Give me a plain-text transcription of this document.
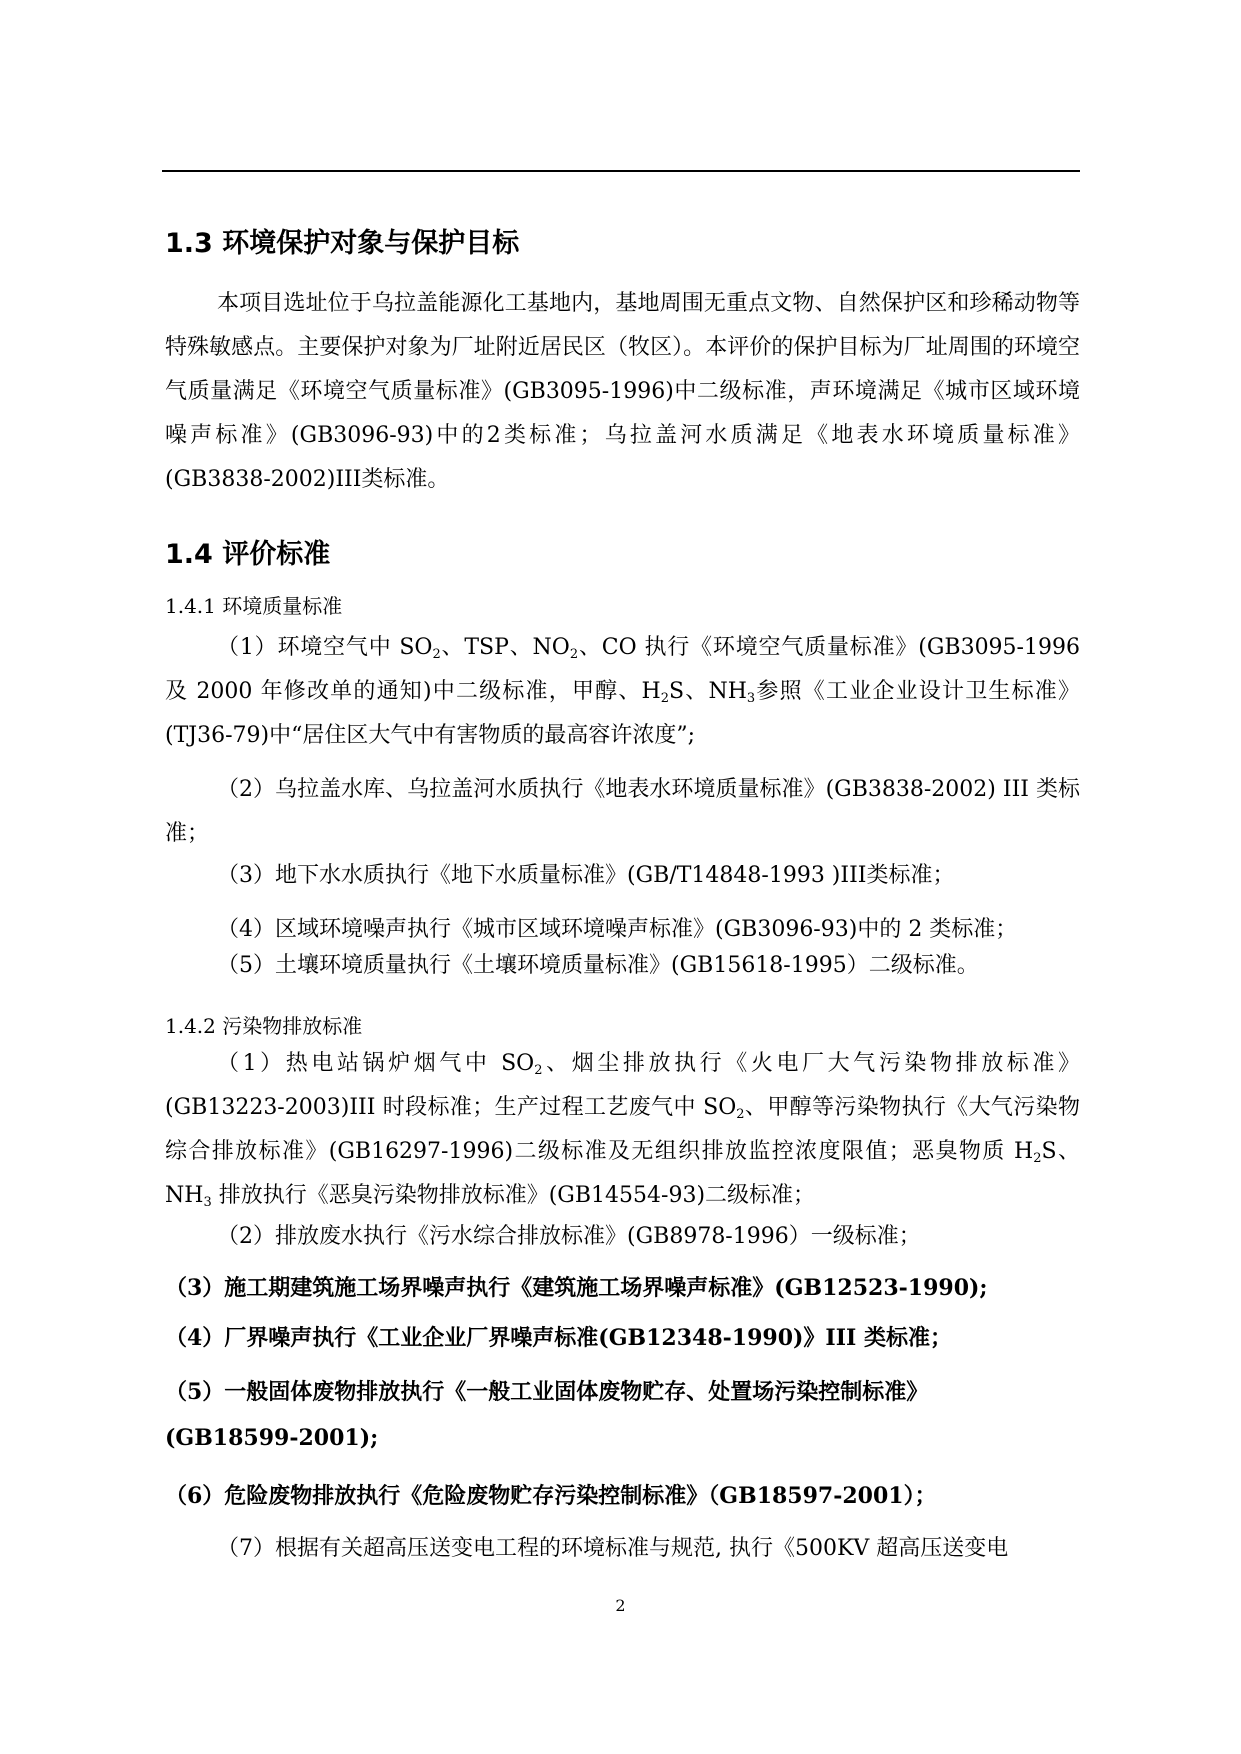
1.3 环境保护对象与保护目标

本项目选址位于乌拉盖能源化工基地内，基地周围无重点文物、自然保护区和珍稀动物等特殊敏感点。主要保护对象为厂址附近居民区（牧区）。本评价的保护目标为厂址周围的环境空气质量满足《环境空气质量标准》(GB3095-1996)中二级标准，声环境满足《城市区域环境噪声标准》(GB3096-93)中的2类标准；乌拉盖河水质满足《地表水环境质量标准》(GB3838-2002)III类标准。

1.4 评价标准
1.4.1 环境质量标准

（1）环境空气中 $SO_2$、TSP、$NO_2$、CO 执行《环境空气质量标准》(GB3095-1996 及 2000 年修改单的通知)中二级标准，甲醇、$H_2S$、$NH_3$参照《工业企业设计卫生标准》(TJ36-79)中“居住区大气中有害物质的最高容许浓度”;

（2）乌拉盖水库、乌拉盖河水质执行《地表水环境质量标准》(GB3838-2002) III 类标准；

（3）地下水水质执行《地下水质量标准》(GB/T14848-1993 )III类标准；
（4）区域环境噪声执行《城市区域环境噪声标准》(GB3096-93)中的 2 类标准；
（5）土壤环境质量执行《土壤环境质量标准》(GB15618-1995）二级标准。
1.4.2 污染物排放标准

（1）热电站锅炉烟气中 $SO_2$、烟尘排放执行《火电厂大气污染物排放标准》(GB13223-2003)III 时段标准；生产过程工艺废气中 $SO_2$、甲醇等污染物执行《大气污染物综合排放标准》(GB16297-1996)二级标准及无组织排放监控浓度限值；恶臭物质 $H_2S$、$NH_3$ 排放执行《恶臭污染物排放标准》(GB14554-93)二级标准；

（2）排放废水执行《污水综合排放标准》(GB8978-1996）一级标准；
（3）施工期建筑施工场界噪声执行《建筑施工场界噪声标准》(GB12523-1990);
（4）厂界噪声执行《工业企业厂界噪声标准(GB12348-1990)》III 类标准；
（5）一般固体废物排放执行《一般工业固体废物贮存、处置场污染控制标准》
(GB18599-2001);
（6）危险废物排放执行《危险废物贮存污染控制标准》（GB18597-2001）；
（7）根据有关超高压送变电工程的环境标准与规范, 执行《500KV 超高压送变电
2
